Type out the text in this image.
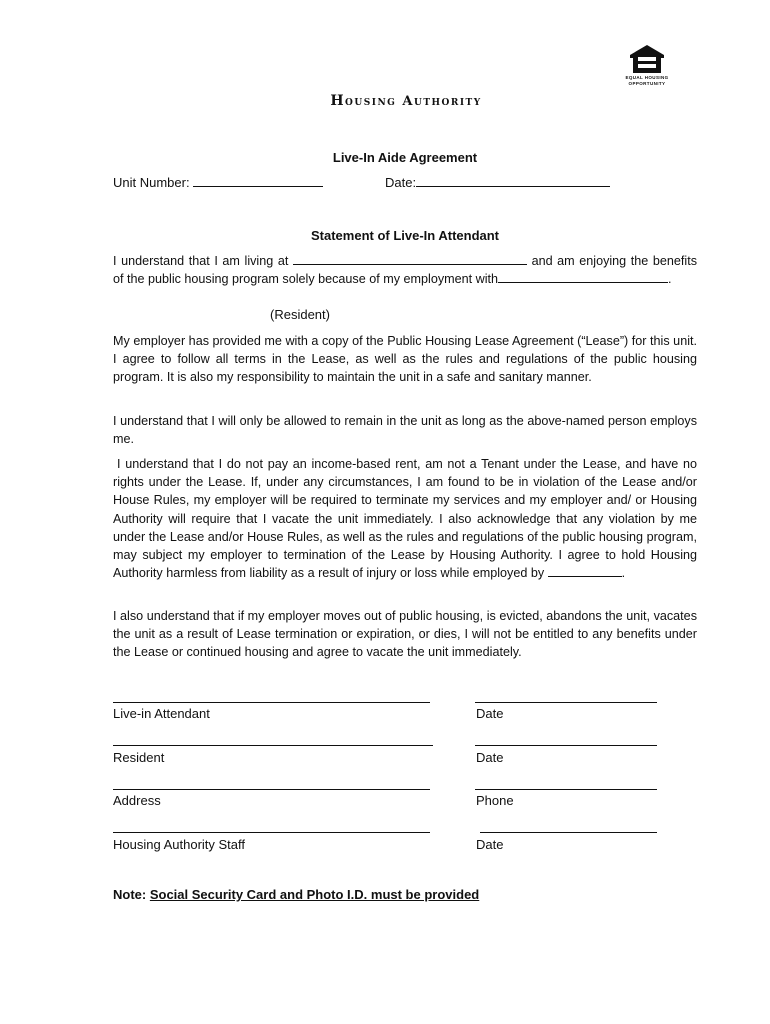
EQUAL HOUSING
OPPORTUNITY
Housing Authority
Live-In Aide Agreement
Unit Number:	Date:
Statement of Live-In Attendant

I understand that I am living at	and am enjoying the benefits of the public housing program solely because of my employment with	.

(Resident)

My employer has provided me with a copy of the Public Housing Lease Agreement (“Lease”) for this unit. I agree to follow all terms in the Lease, as well as the rules and regulations of the public housing program. It is also my responsibility to maintain the unit in a safe and sanitary manner.

I understand that I will only be allowed to remain in the unit as long as the above-named person employs me.

I understand that I do not pay an income-based rent, am not a Tenant under the Lease, and have no rights under the Lease. If, under any circumstances, I am found to be in violation of the Lease and/or House Rules, my employer will be required to terminate my services and my employer and/ or Housing Authority will require that I vacate the unit immediately. I also acknowledge that any violation by me under the Lease and/or House Rules, as well as the rules and regulations of the public housing program, may subject my employer to termination of the Lease by Housing Authority. I agree to hold Housing Authority harmless from liability as a result of injury or loss while employed by	.

I also understand that if my employer moves out of public housing, is evicted, abandons the unit, vacates the unit as a result of Lease termination or expiration, or dies, I will not be entitled to any benefits under the Lease or continued housing and agree to vacate the unit immediately.

Live-in Attendant	Date
Resident	Date
Address	Phone
Housing Authority Staff	Date
Note: Social Security Card and Photo I.D. must be provided
